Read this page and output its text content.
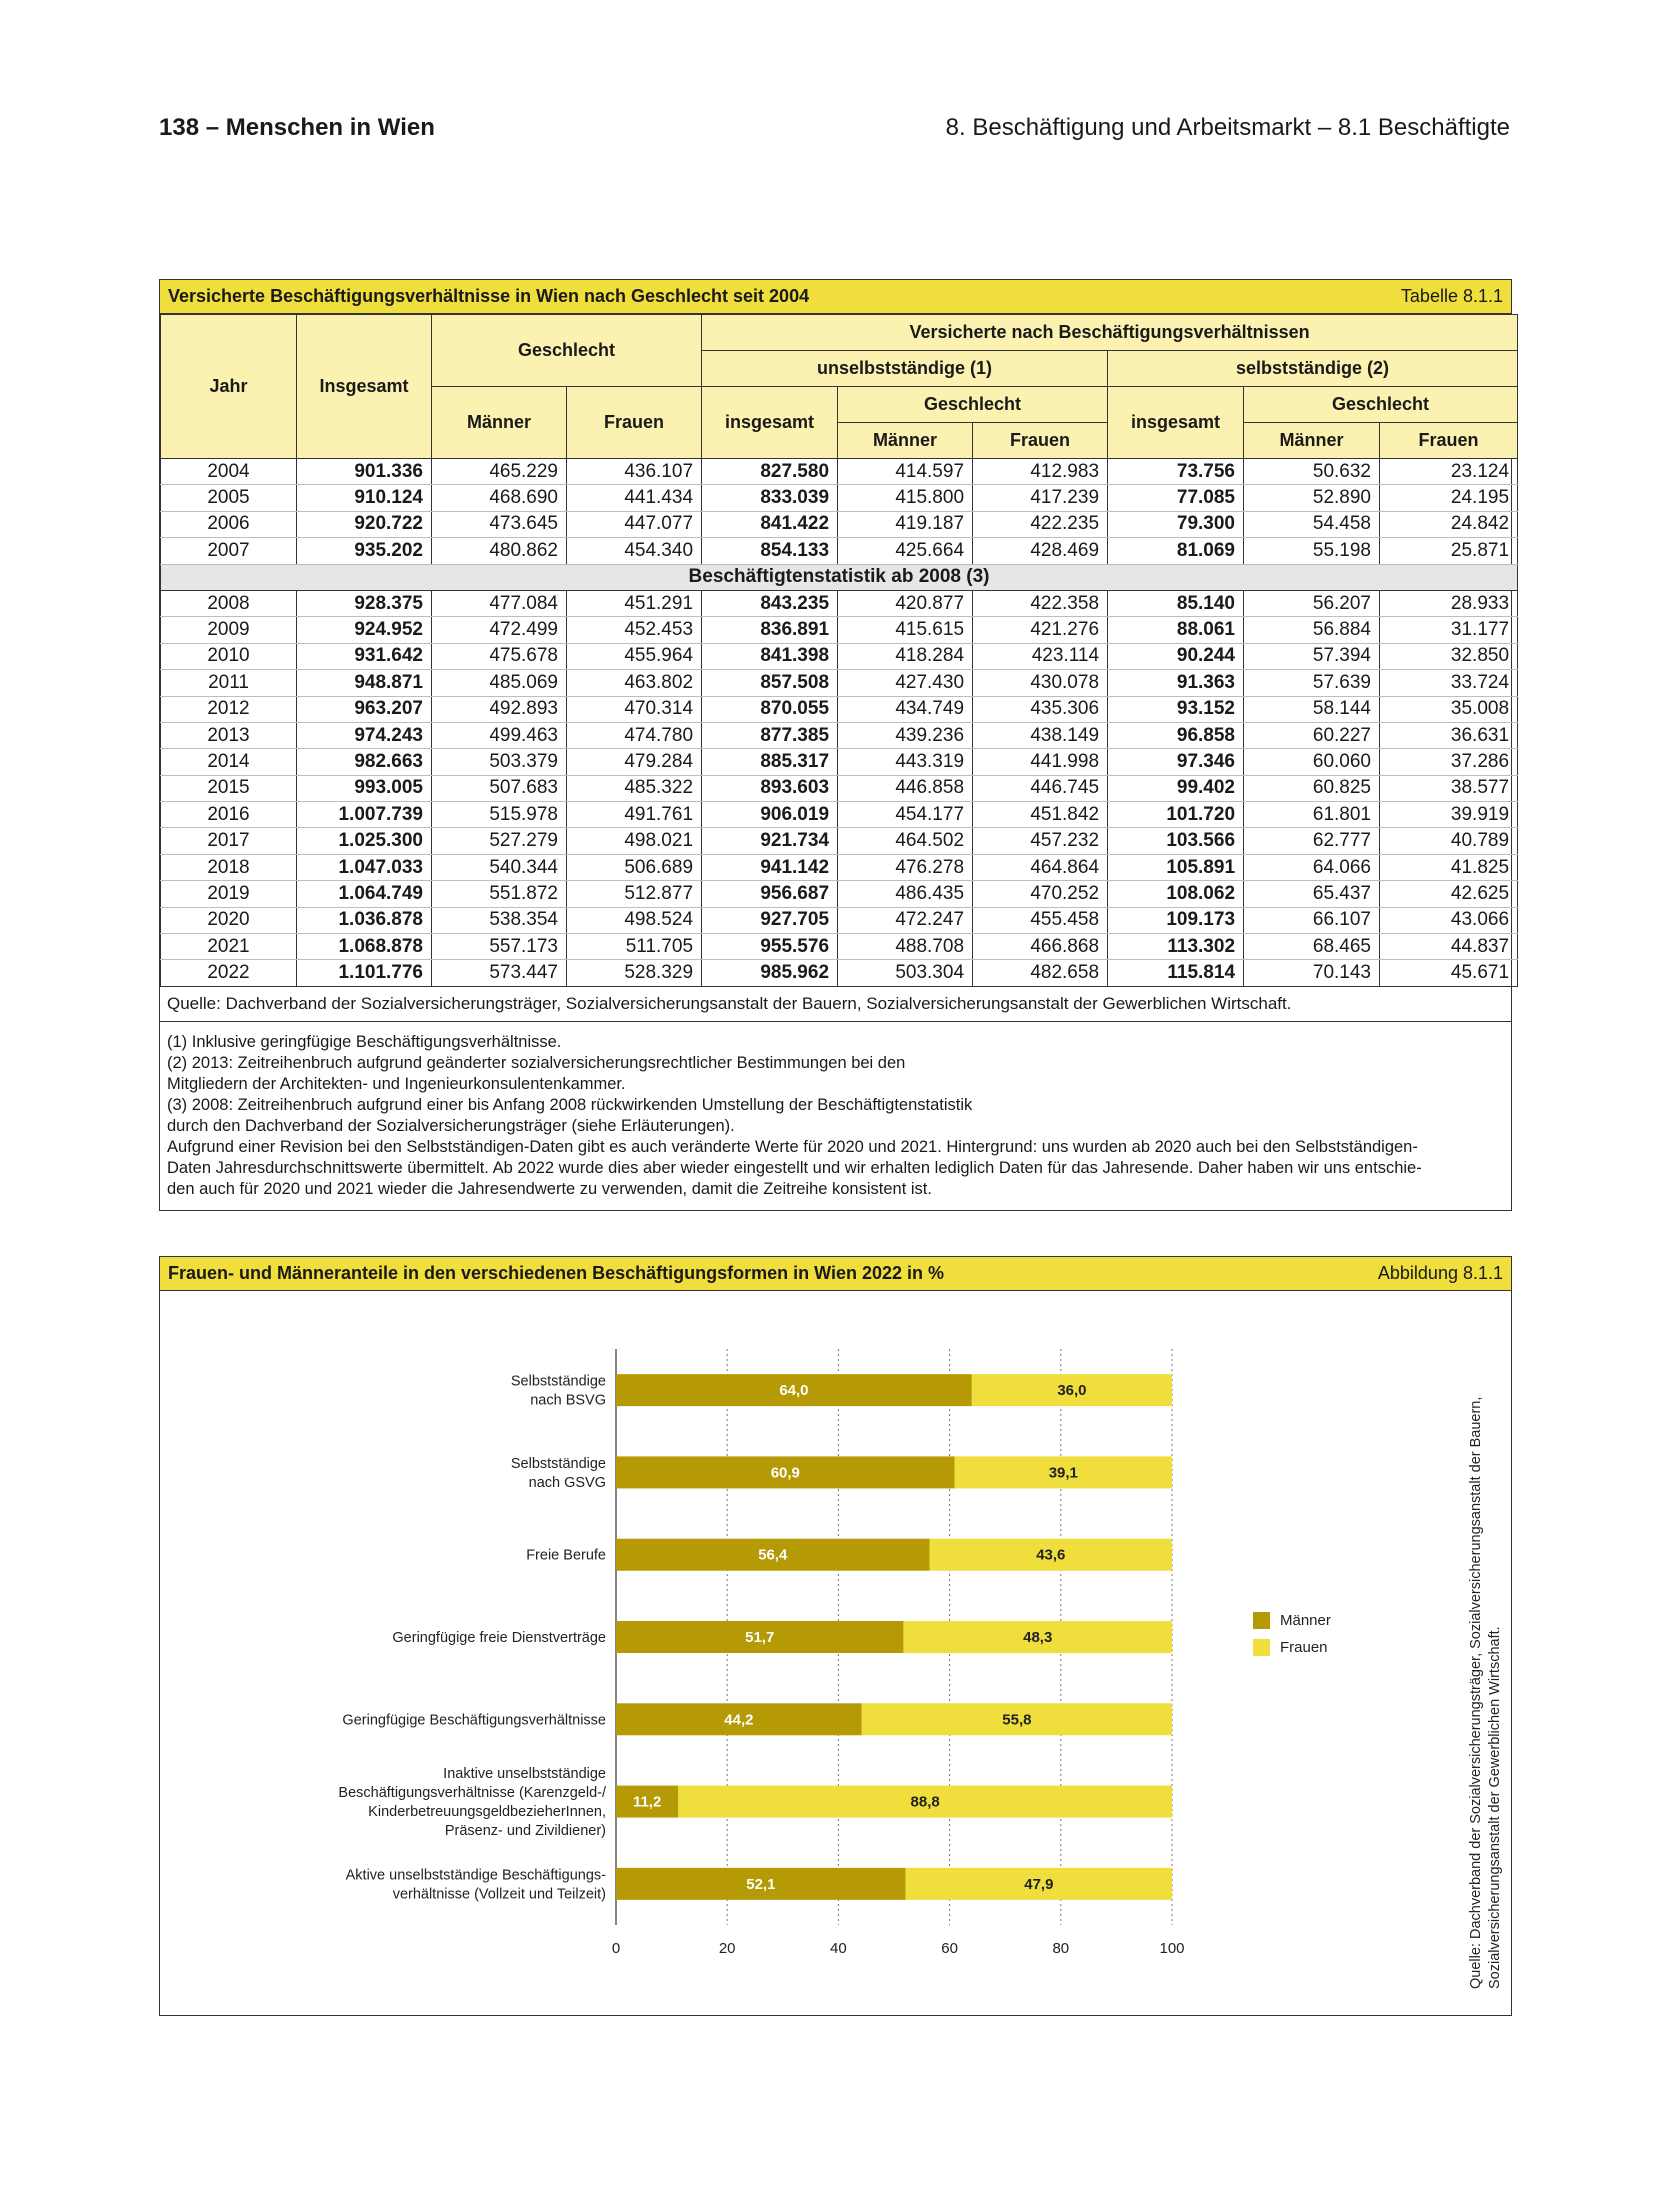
138 – Menschen in Wien	8. Beschäftigung und Arbeitsmarkt – 8.1 Beschäftigte
Versicherte Beschäftigungsverhältnisse in Wien nach Geschlecht seit 2004	Tabelle 8.1.1
Jahr	Insgesamt	Geschlecht		Versicherte nach Beschäftigungsverhältnissen					
				unselbstständige (1)			selbstständige (2)		
		Männer	Frauen	insgesamt	Geschlecht		insgesamt	Geschlecht	
					Männer	Frauen		Männer	Frauen
2004	901.336	465.229	436.107	827.580	414.597	412.983	73.756	50.632	23.124
2005	910.124	468.690	441.434	833.039	415.800	417.239	77.085	52.890	24.195
2006	920.722	473.645	447.077	841.422	419.187	422.235	79.300	54.458	24.842
2007	935.202	480.862	454.340	854.133	425.664	428.469	81.069	55.198	25.871
Beschäftigtenstatistik ab 2008 (3)									
2008	928.375	477.084	451.291	843.235	420.877	422.358	85.140	56.207	28.933
2009	924.952	472.499	452.453	836.891	415.615	421.276	88.061	56.884	31.177
2010	931.642	475.678	455.964	841.398	418.284	423.114	90.244	57.394	32.850
2011	948.871	485.069	463.802	857.508	427.430	430.078	91.363	57.639	33.724
2012	963.207	492.893	470.314	870.055	434.749	435.306	93.152	58.144	35.008
2013	974.243	499.463	474.780	877.385	439.236	438.149	96.858	60.227	36.631
2014	982.663	503.379	479.284	885.317	443.319	441.998	97.346	60.060	37.286
2015	993.005	507.683	485.322	893.603	446.858	446.745	99.402	60.825	38.577
2016	1.007.739	515.978	491.761	906.019	454.177	451.842	101.720	61.801	39.919
2017	1.025.300	527.279	498.021	921.734	464.502	457.232	103.566	62.777	40.789
2018	1.047.033	540.344	506.689	941.142	476.278	464.864	105.891	64.066	41.825
2019	1.064.749	551.872	512.877	956.687	486.435	470.252	108.062	65.437	42.625
2020	1.036.878	538.354	498.524	927.705	472.247	455.458	109.173	66.107	43.066
2021	1.068.878	557.173	511.705	955.576	488.708	466.868	113.302	68.465	44.837
2022	1.101.776	573.447	528.329	985.962	503.304	482.658	115.814	70.143	45.671
Quelle: Dachverband der Sozialversicherungsträger, Sozialversicherungsanstalt der Bauern, Sozialversicherungsanstalt der Gewerblichen Wirtschaft.
(1) Inklusive geringfügige Beschäftigungsverhältnisse.
(2) 2013: Zeitreihenbruch aufgrund geänderter sozialversicherungsrechtlicher Bestimmungen bei den
Mitgliedern der Architekten- und Ingenieurkonsulentenkammer.
(3) 2008: Zeitreihenbruch aufgrund einer bis Anfang 2008 rückwirkenden Umstellung der Beschäftigtenstatistik
durch den Dachverband der Sozialversicherungsträger (siehe Erläuterungen).
Aufgrund einer Revision bei den Selbstständigen-Daten gibt es auch veränderte Werte für 2020 und 2021. Hintergrund: uns wurden ab 2020 auch bei den Selbstständigen-
Daten Jahresdurchschnittswerte übermittelt. Ab 2022 wurde dies aber wieder eingestellt und wir erhalten lediglich Daten für das Jahresende. Daher haben wir uns entschie-
den auch für 2020 und 2021 wieder die Jahresendwerte zu verwenden, damit die Zeitreihe konsistent ist.
Frauen- und Männeranteile in den verschiedenen Beschäftigungsformen in Wien 2022 in %	Abbildung 8.1.1
0	20	40	60	80	100
64,0	36,0
Selbstständige
nach BSVG
60,9	39,1
Selbstständige
nach GSVG
56,4	43,6
Freie Berufe
51,7	48,3
Geringfügige freie Dienstverträge
44,2	55,8
Geringfügige Beschäftigungsverhältnisse
11,2	88,8
Inaktive unselbstständige
Beschäftigungsverhältnisse (Karenzgeld-/
KinderbetreuungsgeldbezieherInnen,
Präsenz- und Zivildiener)
52,1	47,9
Aktive unselbstständige Beschäftigungs-
verhältnisse (Vollzeit und Teilzeit)
Männer
Frauen	Quelle: Dachverband der Sozialversicherungsträger, Sozialversicherungsanstalt der Bauern, Sozialversicherungsanstalt der Gewerblichen Wirtschaft.
